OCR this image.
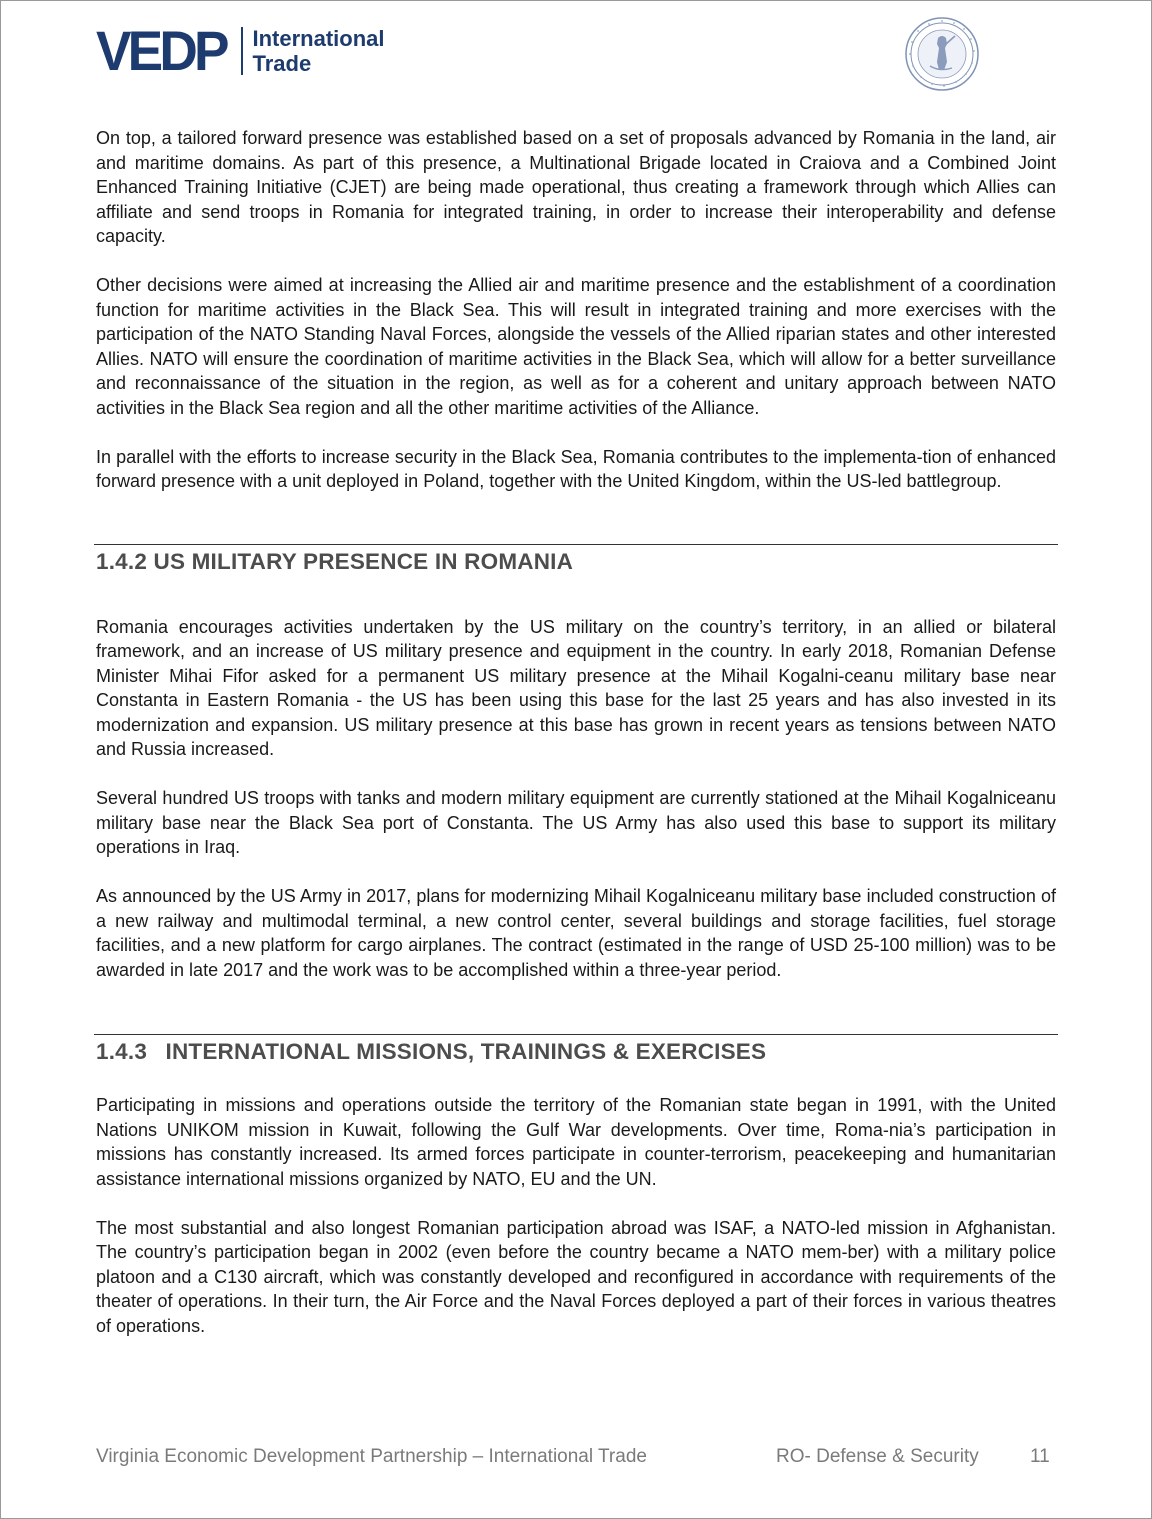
VEDP International
Trade

On top, a tailored forward presence was established based on a set of proposals advanced by Romania in the land, air and maritime domains. As part of this presence, a Multinational Brigade located in Craiova and a Combined Joint Enhanced Training Initiative (CJET) are being made operational, thus creating a framework through which Allies can affiliate and send troops in Romania for integrated training, in order to increase their interoperability and defense capacity.

Other decisions were aimed at increasing the Allied air and maritime presence and the establishment of a coordination function for maritime activities in the Black Sea. This will result in integrated training and more exercises with the participation of the NATO Standing Naval Forces, alongside the vessels of the Allied riparian states and other interested Allies. NATO will ensure the coordination of maritime activities in the Black Sea, which will allow for a better surveillance and reconnaissance of the situation in the region, as well as for a coherent and unitary approach between NATO activities in the Black Sea region and all the other maritime activities of the Alliance.

In parallel with the efforts to increase security in the Black Sea, Romania contributes to the implementa-tion of enhanced forward presence with a unit deployed in Poland, together with the United Kingdom, within the US-led battlegroup.

1.4.2 US MILITARY PRESENCE IN ROMANIA

Romania encourages activities undertaken by the US military on the country’s territory, in an allied or bilateral framework, and an increase of US military presence and equipment in the country. In early 2018, Romanian Defense Minister Mihai Fifor asked for a permanent US military presence at the Mihail Kogalni-ceanu military base near Constanta in Eastern Romania - the US has been using this base for the last 25 years and has also invested in its modernization and expansion. US military presence at this base has grown in recent years as tensions between NATO and Russia increased.

Several hundred US troops with tanks and modern military equipment are currently stationed at the Mihail Kogalniceanu military base near the Black Sea port of Constanta. The US Army has also used this base to support its military operations in Iraq.

As announced by the US Army in 2017, plans for modernizing Mihail Kogalniceanu military base included construction of a new railway and multimodal terminal, a new control center, several buildings and storage facilities, fuel storage facilities, and a new platform for cargo airplanes. The contract (estimated in the range of USD 25-100 million) was to be awarded in late 2017 and the work was to be accomplished within a three-year period.

1.4.3 INTERNATIONAL MISSIONS, TRAININGS & EXERCISES

Participating in missions and operations outside the territory of the Romanian state began in 1991, with the United Nations UNIKOM mission in Kuwait, following the Gulf War developments. Over time, Roma-nia’s participation in missions has constantly increased. Its armed forces participate in counter-terrorism, peacekeeping and humanitarian assistance international missions organized by NATO, EU and the UN.

The most substantial and also longest Romanian participation abroad was ISAF, a NATO-led mission in Afghanistan. The country’s participation began in 2002 (even before the country became a NATO mem-ber) with a military police platoon and a C130 aircraft, which was constantly developed and reconfigured in accordance with requirements of the theater of operations. In their turn, the Air Force and the Naval Forces deployed a part of their forces in various theatres of operations.

Virginia Economic Development Partnership – International Trade	RO- Defense & Security	11
